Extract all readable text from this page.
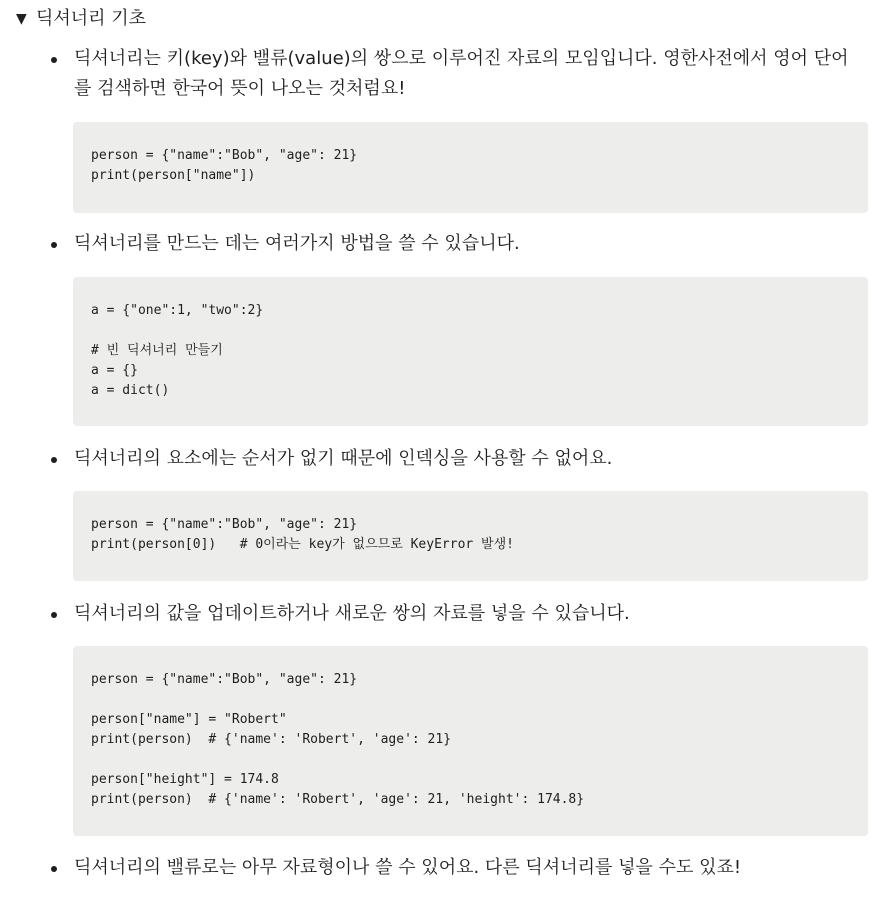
▼ 딕셔너리 기초
딕셔너리는 키(key)와 밸류(value)의 쌍으로 이루어진 자료의 모임입니다. 영한사전에서 영어 단어를 검색하면 한국어 뜻이 나오는 것처럼요!
person = {"name":"Bob", "age": 21}
print(person["name"])
딕셔너리를 만드는 데는 여러가지 방법을 쓸 수 있습니다.
a = {"one":1, "two":2}
# 빈 딕셔너리 만들기
a = {}
a = dict()
딕셔너리의 요소에는 순서가 없기 때문에 인덱싱을 사용할 수 없어요.
person = {"name":"Bob", "age": 21}
print(person[0])   # 0이라는 key가 없으므로 KeyError 발생!
딕셔너리의 값을 업데이트하거나 새로운 쌍의 자료를 넣을 수 있습니다.
person = {"name":"Bob", "age": 21}
person["name"] = "Robert"
print(person)  # {'name': 'Robert', 'age': 21}
person["height"] = 174.8
print(person)  # {'name': 'Robert', 'age': 21, 'height': 174.8}
딕셔너리의 밸류로는 아무 자료형이나 쓸 수 있어요. 다른 딕셔너리를 넣을 수도 있죠!
